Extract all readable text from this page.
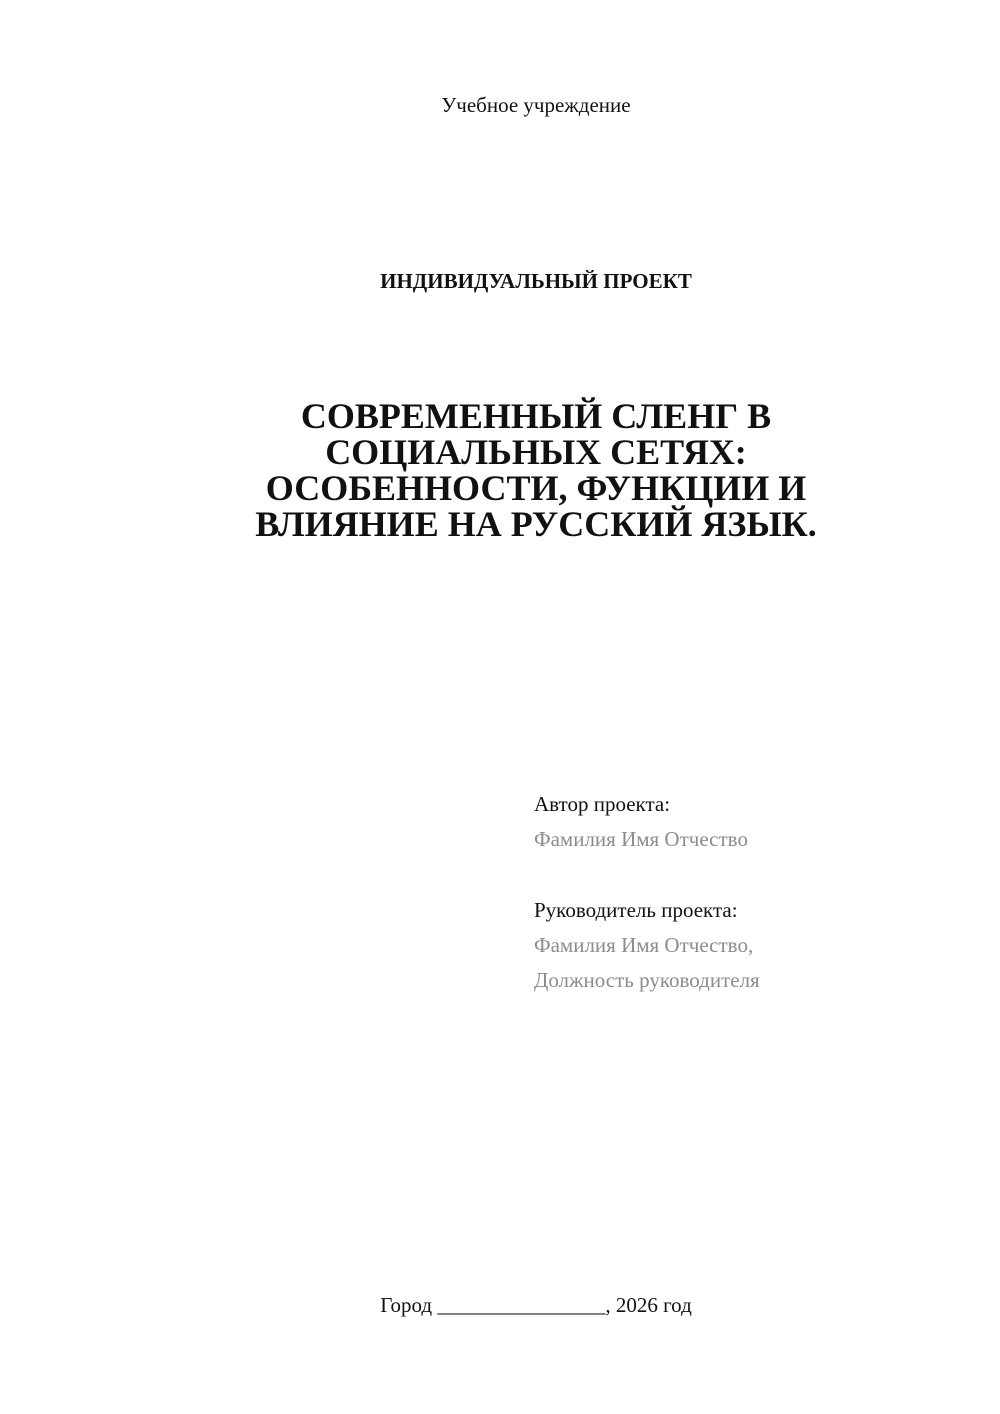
Учебное учреждение
ИНДИВИДУАЛЬНЫЙ ПРОЕКТ
СОВРЕМЕННЫЙ СЛЕНГ В
СОЦИАЛЬНЫХ СЕТЯХ:
ОСОБЕННОСТИ, ФУНКЦИИ И
ВЛИЯНИЕ НА РУССКИЙ ЯЗЫК.
Автор проекта:
Фамилия Имя Отчество
Руководитель проекта:
Фамилия Имя Отчество,
Должность руководителя
Город ________________, 2026 год
